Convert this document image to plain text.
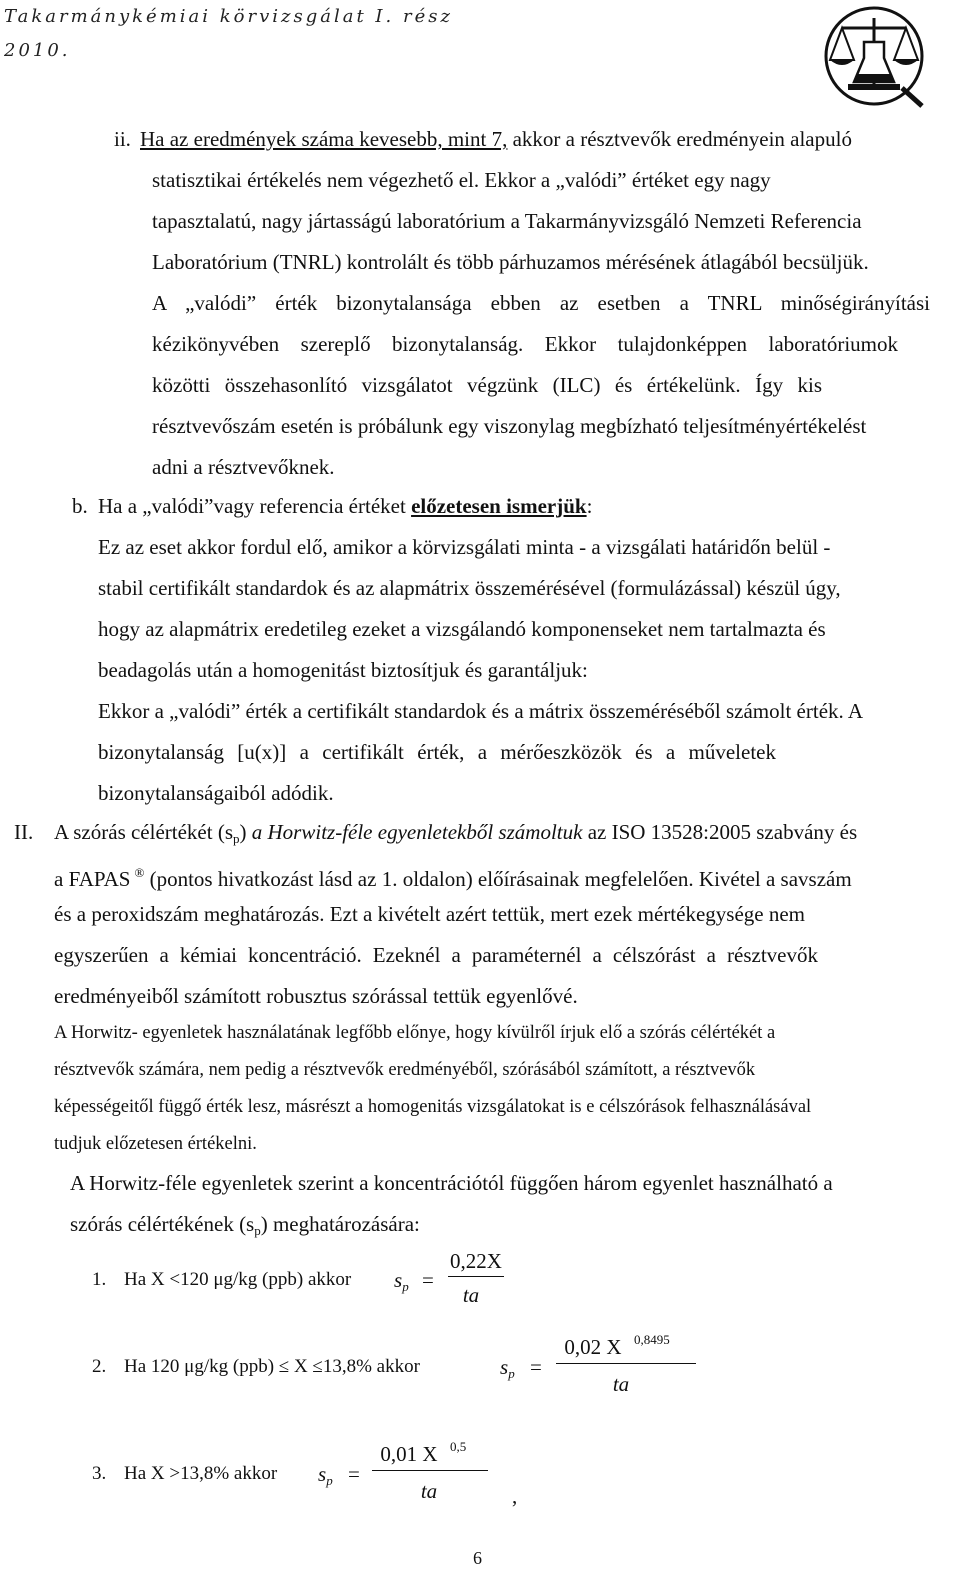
Takarmánykémiai körvizsgálat I. rész
2010.
ii. Ha az eredmények száma kevesebb, mint 7, akkor a résztvevők eredményein alapuló
statisztikai értékelés nem végezhető el. Ekkor a „valódi” értéket egy nagy
tapasztalatú, nagy jártasságú laboratórium a Takarmányvizsgáló Nemzeti Referencia
Laboratórium (TNRL) kontrolált és több párhuzamos mérésének átlagából becsüljük.
A „valódi” érték bizonytalansága ebben az esetben a TNRL minőségirányítási
kézikönyvében szereplő bizonytalanság. Ekkor tulajdonképpen laboratóriumok
közötti összehasonlító vizsgálatot végzünk (ILC) és értékelünk. Így kis
résztvevőszám esetén is próbálunk egy viszonylag megbízható teljesítményértékelést
adni a résztvevőknek.
b. Ha a „valódi”vagy referencia értéket előzetesen ismerjük:
Ez az eset akkor fordul elő, amikor a körvizsgálati minta - a vizsgálati határidőn belül -
stabil certifikált standardok és az alapmátrix összemérésével (formulázással) készül úgy,
hogy az alapmátrix eredetileg ezeket a vizsgálandó komponenseket nem tartalmazta és
beadagolás után a homogenitást biztosítjuk és garantáljuk:
Ekkor a „valódi” érték a certifikált standardok és a mátrix összeméréséből számolt érték. A
bizonytalanság [u(x)] a certifikált érték, a mérőeszközök és a műveletek
bizonytalanságaiból adódik.
II. A szórás célértékét $(s_p)$ a Horwitz-féle egyenletekből számoltuk az ISO 13528:2005 szabvány és
a FAPAS ® (pontos hivatkozást lásd az 1. oldalon) előírásainak megfelelően. Kivétel a savszám
és a peroxidszám meghatározás. Ezt a kivételt azért tettük, mert ezek mértékegysége nem
egyszerűen a kémiai koncentráció. Ezeknél a paraméternél a célszórást a résztvevők
eredményeiből számított robusztus szórással tettük egyenlővé.
A Horwitz- egyenletek használatának legfőbb előnye, hogy kívülről írjuk elő a szórás célértékét a
résztvevők számára, nem pedig a résztvevők eredményéből, szórásából számított, a résztvevők
képességeitől függő érték lesz, másrészt a homogenitás vizsgálatokat is e célszórások felhasználásával
tudjuk előzetesen értékelni.
A Horwitz-féle egyenletek szerint a koncentrációtól függően három egyenlet használható a
szórás célértékének $(s_p)$ meghatározására:
1. Ha X <120 μg/kg (ppb) akkor $s_p$ =
0,22X
ta
2. Ha 120 μg/kg (ppb) ≤ X ≤13,8% akkor	$s_p$ =
0,02 X 0,8495
ta
3. Ha X >13,8% akkor $s_p$ =
0,01 X 0,5
ta	,
6
